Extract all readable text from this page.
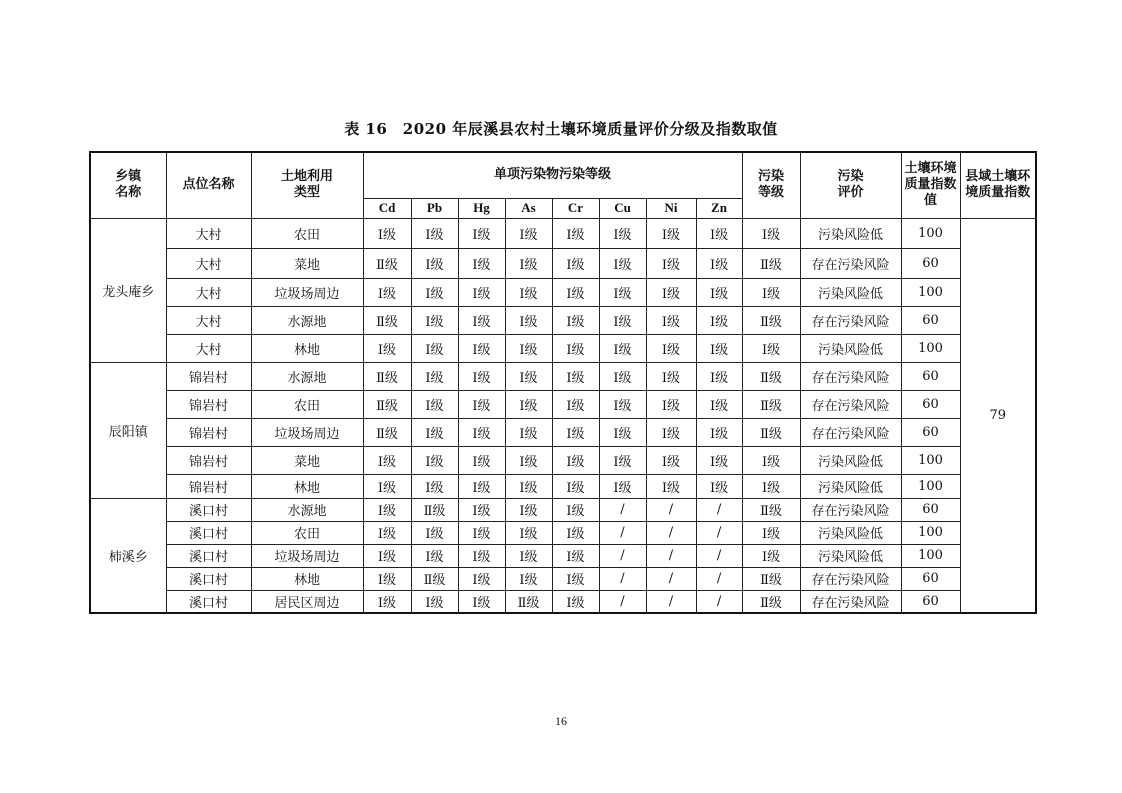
表 16　2020 年辰溪县农村土壤环境质量评价分级及指数取值
乡镇名称	点位名称	土地利用类型	单项污染物污染等级								污染等级	污染评价	土壤环境质量指数值	县域土壤环境质量指数
			Cd	Pb	Hg	As	Cr	Cu	Ni	Zn				
龙头庵乡	大村	农田	Ⅰ级	Ⅰ级	Ⅰ级	Ⅰ级	Ⅰ级	Ⅰ级	Ⅰ级	Ⅰ级	Ⅰ级	污染风险低	100	79
	大村	菜地	Ⅱ级	Ⅰ级	Ⅰ级	Ⅰ级	Ⅰ级	Ⅰ级	Ⅰ级	Ⅰ级	Ⅱ级	存在污染风险	60	
	大村	垃圾场周边	Ⅰ级	Ⅰ级	Ⅰ级	Ⅰ级	Ⅰ级	Ⅰ级	Ⅰ级	Ⅰ级	Ⅰ级	污染风险低	100	
	大村	水源地	Ⅱ级	Ⅰ级	Ⅰ级	Ⅰ级	Ⅰ级	Ⅰ级	Ⅰ级	Ⅰ级	Ⅱ级	存在污染风险	60	
	大村	林地	Ⅰ级	Ⅰ级	Ⅰ级	Ⅰ级	Ⅰ级	Ⅰ级	Ⅰ级	Ⅰ级	Ⅰ级	污染风险低	100	
辰阳镇	锦岩村	水源地	Ⅱ级	Ⅰ级	Ⅰ级	Ⅰ级	Ⅰ级	Ⅰ级	Ⅰ级	Ⅰ级	Ⅱ级	存在污染风险	60	
	锦岩村	农田	Ⅱ级	Ⅰ级	Ⅰ级	Ⅰ级	Ⅰ级	Ⅰ级	Ⅰ级	Ⅰ级	Ⅱ级	存在污染风险	60	
	锦岩村	垃圾场周边	Ⅱ级	Ⅰ级	Ⅰ级	Ⅰ级	Ⅰ级	Ⅰ级	Ⅰ级	Ⅰ级	Ⅱ级	存在污染风险	60	
	锦岩村	菜地	Ⅰ级	Ⅰ级	Ⅰ级	Ⅰ级	Ⅰ级	Ⅰ级	Ⅰ级	Ⅰ级	Ⅰ级	污染风险低	100	
	锦岩村	林地	Ⅰ级	Ⅰ级	Ⅰ级	Ⅰ级	Ⅰ级	Ⅰ级	Ⅰ级	Ⅰ级	Ⅰ级	污染风险低	100	
柿溪乡	溪口村	水源地	Ⅰ级	Ⅱ级	Ⅰ级	Ⅰ级	Ⅰ级	/	/	/	Ⅱ级	存在污染风险	60	
	溪口村	农田	Ⅰ级	Ⅰ级	Ⅰ级	Ⅰ级	Ⅰ级	/	/	/	Ⅰ级	污染风险低	100	
	溪口村	垃圾场周边	Ⅰ级	Ⅰ级	Ⅰ级	Ⅰ级	Ⅰ级	/	/	/	Ⅰ级	污染风险低	100	
	溪口村	林地	Ⅰ级	Ⅱ级	Ⅰ级	Ⅰ级	Ⅰ级	/	/	/	Ⅱ级	存在污染风险	60	
	溪口村	居民区周边	Ⅰ级	Ⅰ级	Ⅰ级	Ⅱ级	Ⅰ级	/	/	/	Ⅱ级	存在污染风险	60	
16
